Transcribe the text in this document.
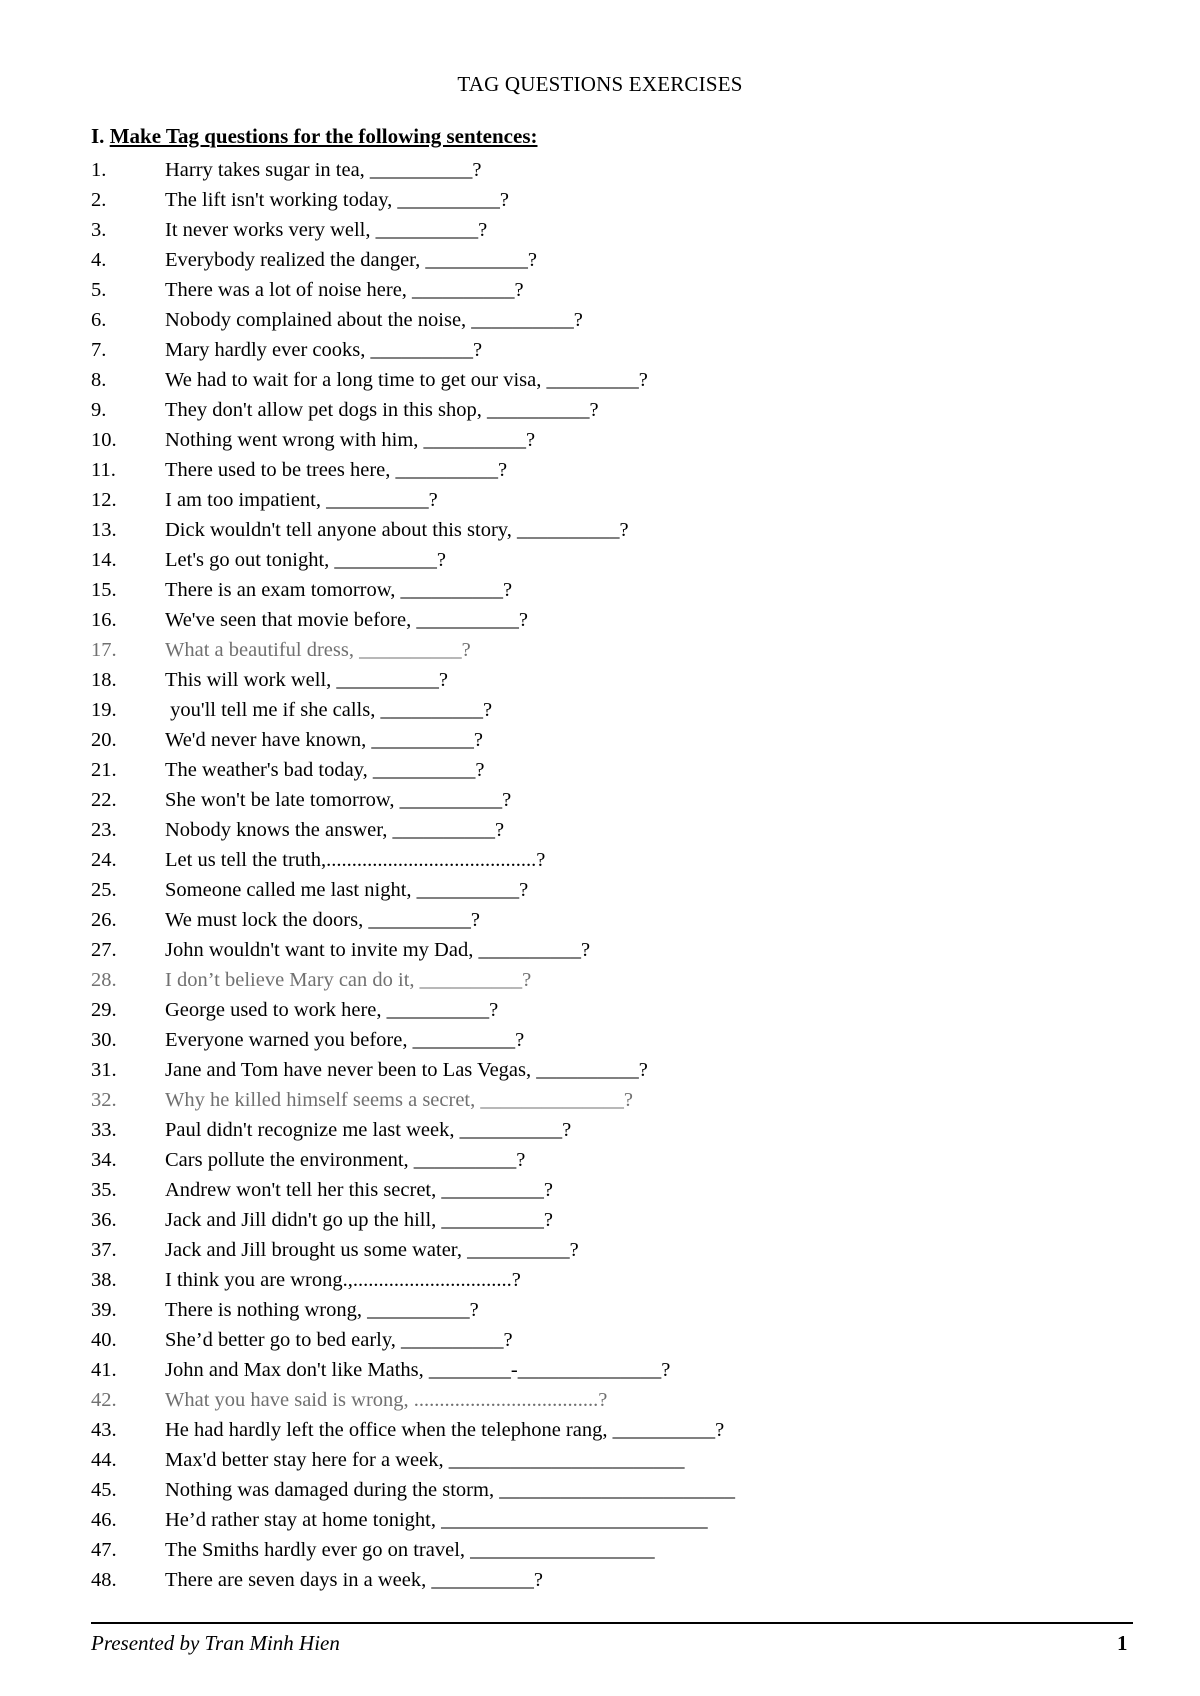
TAG QUESTIONS EXERCISES
I. Make Tag questions for the following sentences:
1.	Harry takes sugar in tea, __________?
2.	The lift isn't working today, __________?
3.	It never works very well, __________?
4.	Everybody realized the danger, __________?
5.	There was a lot of noise here, __________?
6.	Nobody complained about the noise, __________?
7.	Mary hardly ever cooks, __________?
8.	We had to wait for a long time to get our visa, _________?
9.	They don't allow pet dogs in this shop, __________?
10. Nothing went wrong with him, __________?
11. There used to be trees here, __________?
12. I am too impatient, __________?
13. Dick wouldn't tell anyone about this story, __________?
14. Let's go out tonight, __________?
15. There is an exam tomorrow, __________?
16. We've seen that movie before, __________?
17. What a beautiful dress, __________?
18. This will work well, __________?
19. you'll tell me if she calls, __________?
20. We'd never have known, __________?
21. The weather's bad today, __________?
22. She won't be late tomorrow, __________?
23. Nobody knows the answer, __________?
24. Let us tell the truth,.........................................?
25. Someone called me last night, __________?
26. We must lock the doors, __________?
27. John wouldn't want to invite my Dad, __________?
28. I don’t believe Mary can do it, __________?
29. George used to work here, __________?
30. Everyone warned you before, __________?
31. Jane and Tom have never been to Las Vegas, __________?
32. Why he killed himself seems a secret, ______________?
33. Paul didn't recognize me last week, __________?
34. Cars pollute the environment, __________?
35. Andrew won't tell her this secret, __________?
36. Jack and Jill didn't go up the hill, __________?
37. Jack and Jill brought us some water, __________?
38. I think you are wrong.,...............................?
39. There is nothing wrong, __________?
40. She’d better go to bed early, __________?
41. John and Max don't like Maths, ________-______________?
42. What you have said is wrong, ....................................?
43. He had hardly left the office when the telephone rang, __________?
44. Max'd better stay here for a week, _______________________
45. Nothing was damaged during the storm, _______________________
46. He’d rather stay at home tonight, __________________________
47. The Smiths hardly ever go on travel, __________________
48. There are seven days in a week, __________?
Presented by Tran Minh Hien	1
